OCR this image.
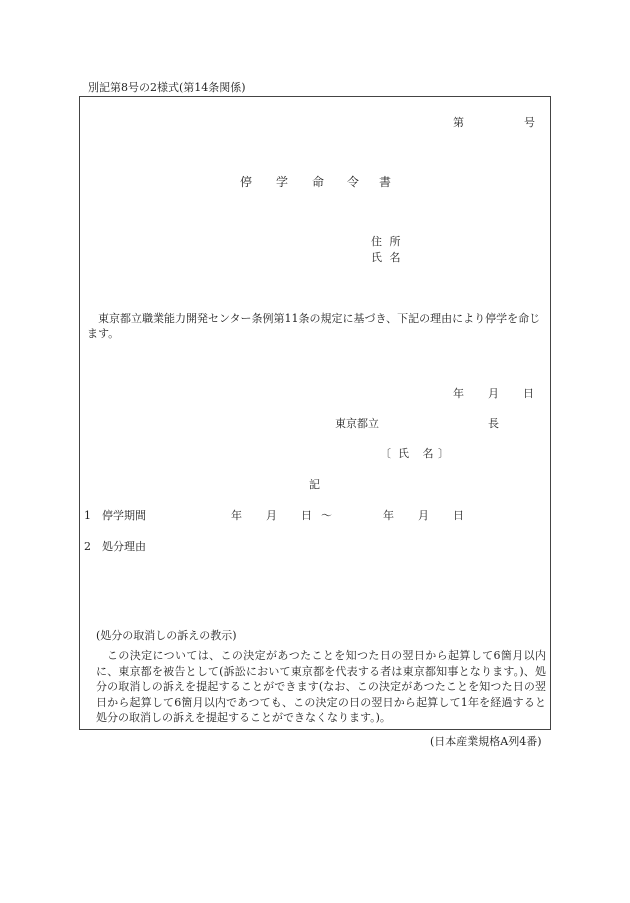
別記第8号の2様式(第14条関係)
第	号
停 学 命 令 書
住 所
氏 名
東京都立職業能力開発センター条例第11条の規定に基づき、下記の理由により停学を命じます。
年 月 日
東京都立	長
〔 氏 名 〕
記
1 停学期間	年 月 日 ～	年 月 日
2 処分理由
(処分の取消しの訴えの教示)
この決定については、この決定があつたことを知つた日の翌日から起算して6箇月以内に、東京都を被告として(訴訟において東京都を代表する者は東京都知事となります。)、処分の取消しの訴えを提起することができます(なお、この決定があつたことを知つた日の翌日から起算して6箇月以内であつても、この決定の日の翌日から起算して1年を経過すると処分の取消しの訴えを提起することができなくなります。)。
(日本産業規格A列4番)
